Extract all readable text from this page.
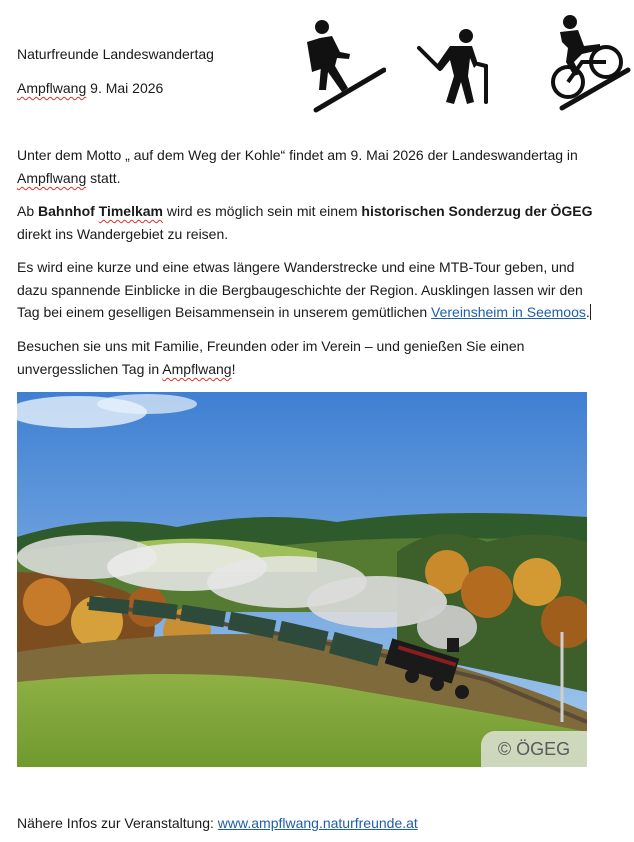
Naturfreunde Landeswandertag
Ampflwang 9. Mai 2026
Unter dem Motto „ auf dem Weg der Kohle“ findet am 9. Mai 2026 der Landeswandertag in
Ampflwang statt.
Ab Bahnhof Timelkam wird es möglich sein mit einem historischen Sonderzug der ÖGEG
direkt ins Wandergebiet zu reisen.
Es wird eine kurze und eine etwas längere Wanderstrecke und eine MTB-Tour geben, und
dazu spannende Einblicke in die Bergbaugeschichte der Region. Ausklingen lassen wir den
Tag bei einem geselligen Beisammensein in unserem gemütlichen Vereinsheim in Seemoos.
Besuchen sie uns mit Familie, Freunden oder im Verein – und genießen Sie einen
unvergesslichen Tag in Ampflwang!
© ÖGEG
Nähere Infos zur Veranstaltung: www.ampflwang.naturfreunde.at
